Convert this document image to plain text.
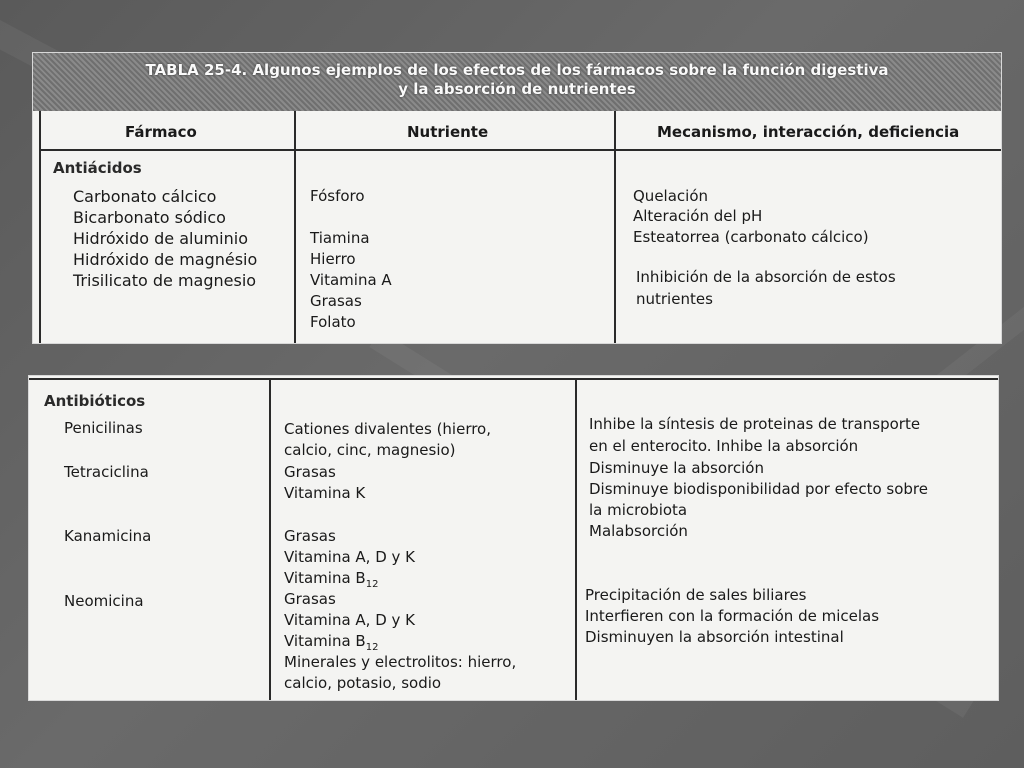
TABLA 25-4. Algunos ejemplos de los efectos de los fármacos sobre la función digestiva
y la absorción de nutrientes
Fármaco	Nutriente	Mecanismo, interacción, deficiencia
Antiácidos
Carbonato cálcico
Bicarbonato sódico
Hidróxido de aluminio
Hidróxido de magnésio
Trisilicato de magnesio
Fósforo
Tiamina
Hierro
Vitamina A
Grasas
Folato
Quelación
Alteración del pH
Esteatorrea (carbonato cálcico)
Inhibición de la absorción de estos
nutrientes
Antibióticos
Penicilinas
Tetraciclina
Kanamicina
Neomicina
Cationes divalentes (hierro,
calcio, cinc, magnesio)
Grasas
Vitamina K
Grasas
Vitamina A, D y K
Vitamina $B_{12}$
Grasas
Vitamina A, D y K
Vitamina $B_{12}$
Minerales y electrolitos: hierro,
calcio, potasio, sodio
Inhibe la síntesis de proteinas de transporte
en el enterocito. Inhibe la absorción
Disminuye la absorción
Disminuye biodisponibilidad por efecto sobre
la microbiota
Malabsorción
Precipitación de sales biliares
Interfieren con la formación de micelas
Disminuyen la absorción intestinal
